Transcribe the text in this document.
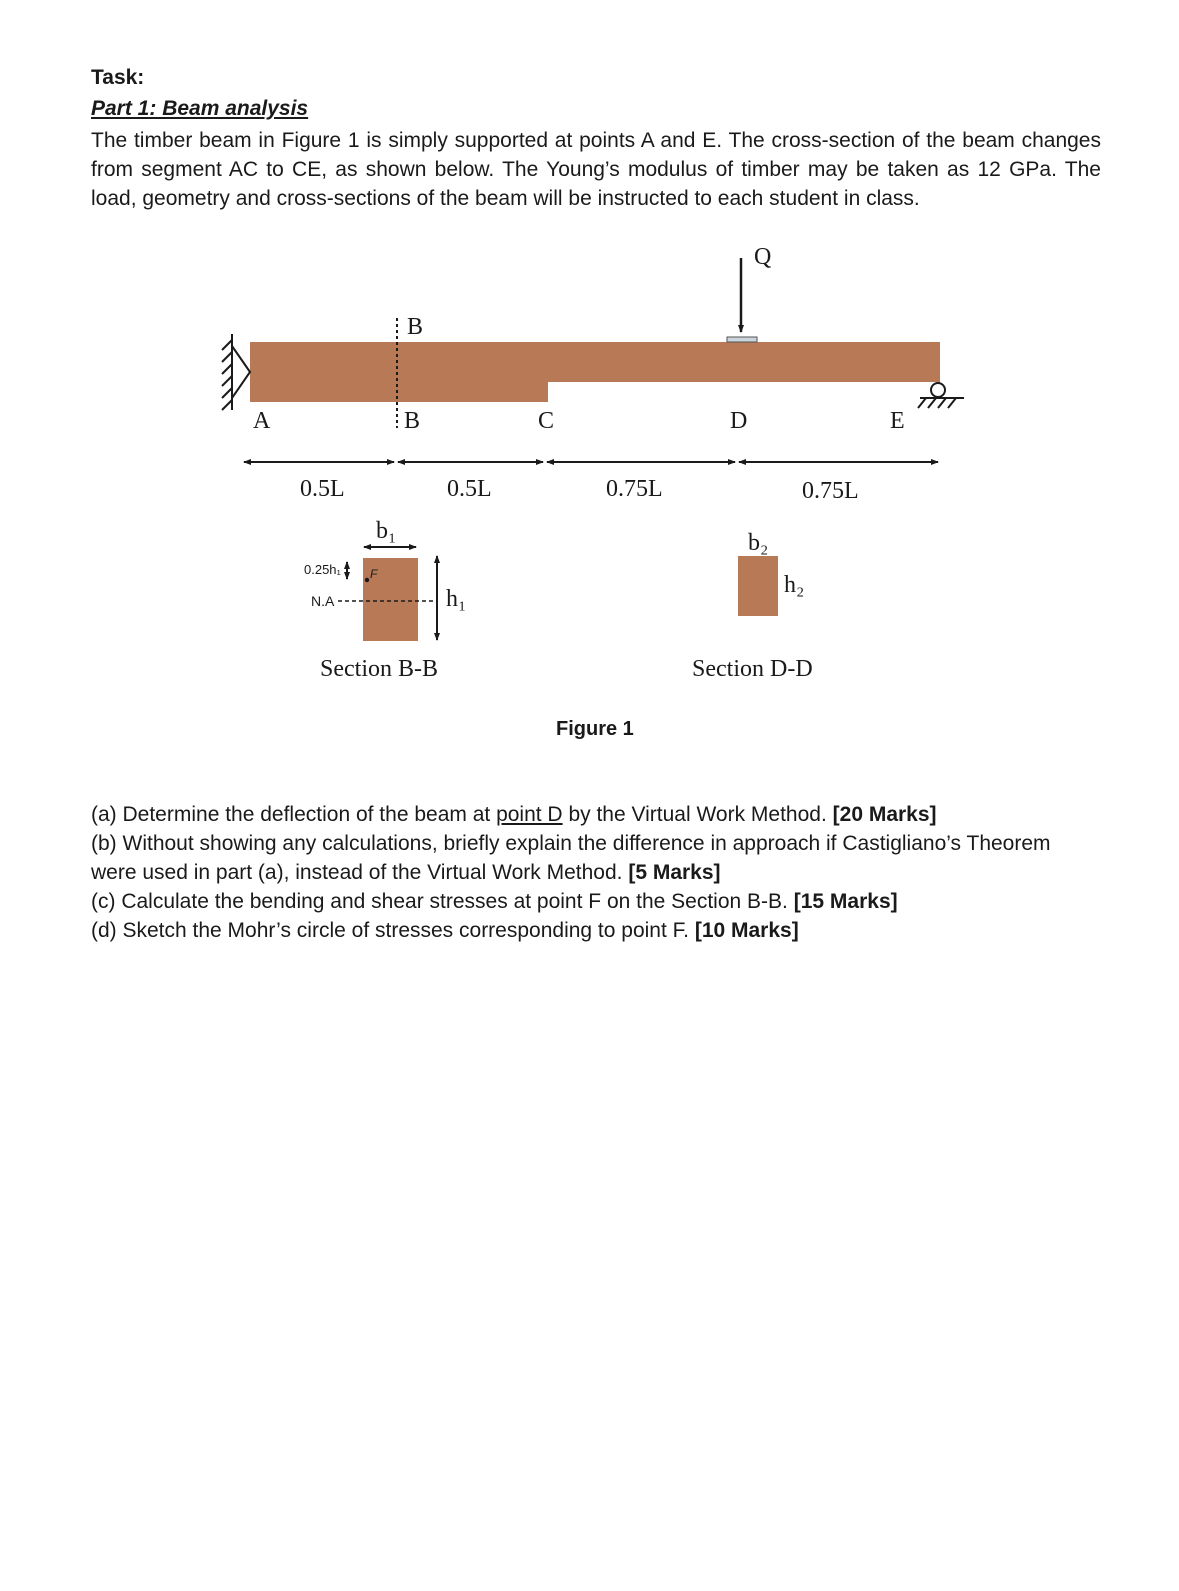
Task:
Part 1: Beam analysis

The timber beam in Figure 1 is simply supported at points A and E. The cross-section of the beam changes from segment AC to CE, as shown below. The Young’s modulus of timber may be taken as 12 GPa. The load, geometry and cross-sections of the beam will be instructed to each student in class.

B
B
Q
A	C	D	E
0.5L	0.5L	0.75L	0.75L
b₁
N.A
0.25h₁ F
h₁
Section B-B
b₂
h₂
Section D-D
Figure 1
(a) Determine the deflection of the beam at point D by the Virtual Work Method. [20 Marks]
(b) Without showing any calculations, briefly explain the difference in approach if Castigliano’s Theorem were used in part (a), instead of the Virtual Work Method. [5 Marks]
(c) Calculate the bending and shear stresses at point F on the Section B-B. [15 Marks]
(d) Sketch the Mohr’s circle of stresses corresponding to point F. [10 Marks]
